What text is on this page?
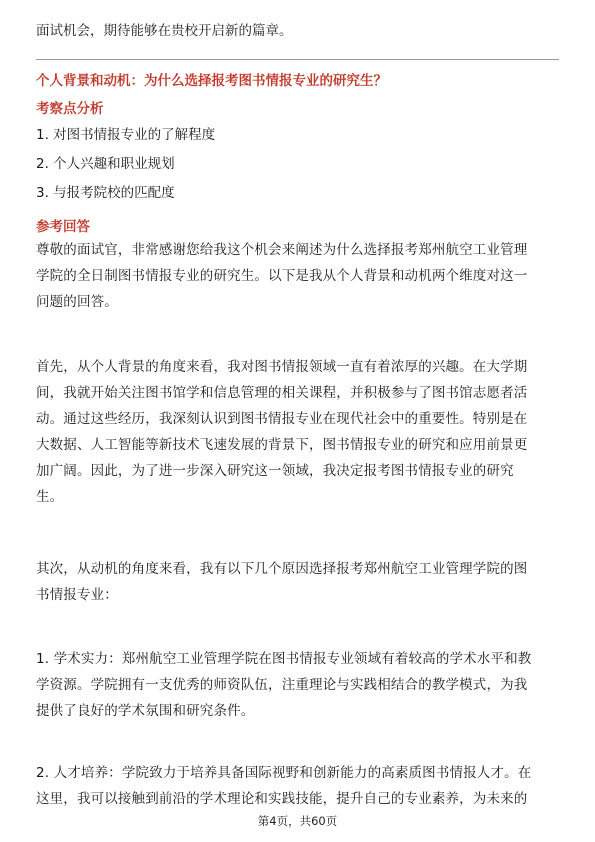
面试机会，期待能够在贵校开启新的篇章。
个人背景和动机：为什么选择报考图书情报专业的研究生？
考察点分析
1. 对图书情报专业的了解程度
2. 个人兴趣和职业规划
3. 与报考院校的匹配度
参考回答
尊敬的面试官，非常感谢您给我这个机会来阐述为什么选择报考郑州航空工业管理
学院的全日制图书情报专业的研究生。以下是我从个人背景和动机两个维度对这一
问题的回答。
首先，从个人背景的角度来看，我对图书情报领域一直有着浓厚的兴趣。在大学期
间，我就开始关注图书馆学和信息管理的相关课程，并积极参与了图书馆志愿者活
动。通过这些经历，我深刻认识到图书情报专业在现代社会中的重要性。特别是在
大数据、人工智能等新技术飞速发展的背景下，图书情报专业的研究和应用前景更
加广阔。因此，为了进一步深入研究这一领域，我决定报考图书情报专业的研究
生。
其次，从动机的角度来看，我有以下几个原因选择报考郑州航空工业管理学院的图
书情报专业：
1. 学术实力：郑州航空工业管理学院在图书情报专业领域有着较高的学术水平和教
学资源。学院拥有一支优秀的师资队伍，注重理论与实践相结合的教学模式，为我
提供了良好的学术氛围和研究条件。
2. 人才培养：学院致力于培养具备国际视野和创新能力的高素质图书情报人才。在
这里，我可以接触到前沿的学术理论和实践技能，提升自己的专业素养，为未来的
第4页，共60页
